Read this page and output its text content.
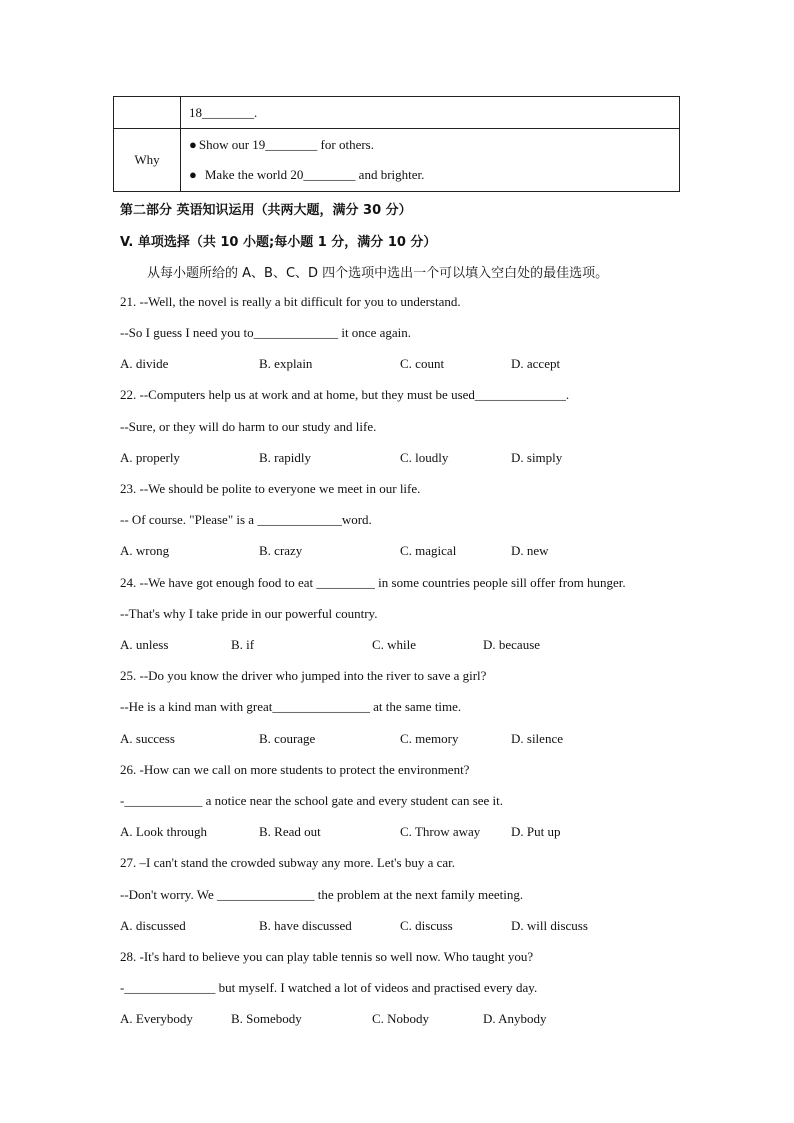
	18________.
Why	● Show our 19________ for others.
● Make the world 20________ and brighter.
第二部分 英语知识运用（共两大题，满分 30 分）
V. 单项选择（共 10 小题;每小题 1 分，满分 10 分）
从每小题所给的 A、B、C、D 四个选项中选出一个可以填入空白处的最佳选项。
21. --Well, the novel is really a bit difficult for you to understand.
--So I guess I need you to_____________ it once again.
A. divide	B. explain	C. count	D. accept
22. --Computers help us at work and at home, but they must be used______________.
--Sure, or they will do harm to our study and life.
A. properly	B. rapidly	C. loudly	D. simply
23. --We should be polite to everyone we meet in our life.
-- Of course. "Please" is a _____________word.
A. wrong	B. crazy	C. magical	D. new
24. --We have got enough food to eat _________ in some countries people sill offer from hunger.
--That's why I take pride in our powerful country.
A. unless	B. if	C. while	D. because
25. --Do you know the driver who jumped into the river to save a girl?
--He is a kind man with great_______________ at the same time.
A. success	B. courage	C. memory	D. silence
26. -How can we call on more students to protect the environment?
-____________ a notice near the school gate and every student can see it.
A. Look through	B. Read out	C. Throw away D. Put up
27. –I can't stand the crowded subway any more. Let's buy a car.
--Don't worry. We _______________ the problem at the next family meeting.
A. discussed	B. have discussed	C. discuss	D. will discuss
28. -It's hard to believe you can play table tennis so well now. Who taught you?
-______________ but myself. I watched a lot of videos and practised every day.
A. Everybody	B. Somebody	C. Nobody	D. Anybody
